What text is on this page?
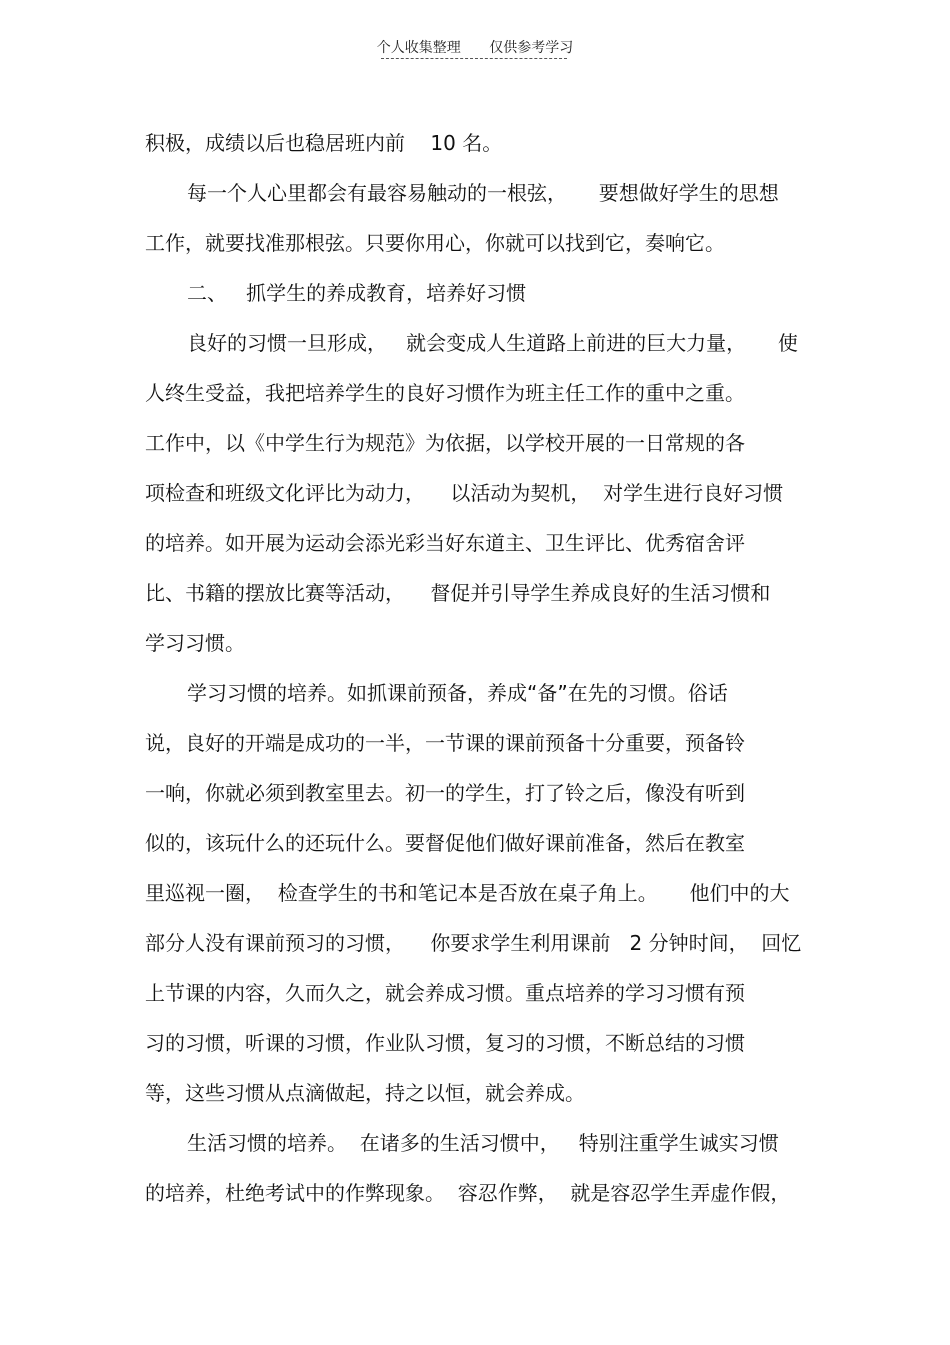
个人收集整理 仅供参考学习
积极，成绩以后也稳居班内前    10 名。
每一个人心里都会有最容易触动的一根弦，     要想做好学生的思想
工作，就要找准那根弦。只要你用心，你就可以找到它，奏响它。
二、   抓学生的养成教育，培养好习惯
良好的习惯一旦形成，   就会变成人生道路上前进的巨大力量，     使
人终生受益，我把培养学生的良好习惯作为班主任工作的重中之重。
工作中，以《中学生行为规范》为依据，以学校开展的一日常规的各
项检查和班级文化评比为动力，    以活动为契机，  对学生进行良好习惯
的培养。如开展为运动会添光彩当好东道主、卫生评比、优秀宿舍评
比、书籍的摆放比赛等活动，    督促并引导学生养成良好的生活习惯和
学习习惯。
学习习惯的培养。如抓课前预备，养成“备”在先的习惯。俗话
说，良好的开端是成功的一半，一节课的课前预备十分重要，预备铃
一响，你就必须到教室里去。初一的学生，打了铃之后，像没有听到
似的，该玩什么的还玩什么。要督促他们做好课前准备，然后在教室
里巡视一圈，  检查学生的书和笔记本是否放在桌子角上。     他们中的大
部分人没有课前预习的习惯，    你要求学生利用课前   2 分钟时间，  回忆
上节课的内容，久而久之，就会养成习惯。重点培养的学习习惯有预
习的习惯，听课的习惯，作业队习惯，复习的习惯，不断总结的习惯
等，这些习惯从点滴做起，持之以恒，就会养成。
生活习惯的培养。  在诸多的生活习惯中，   特别注重学生诚实习惯
的培养，杜绝考试中的作弊现象。  容忍作弊，  就是容忍学生弄虚作假，
